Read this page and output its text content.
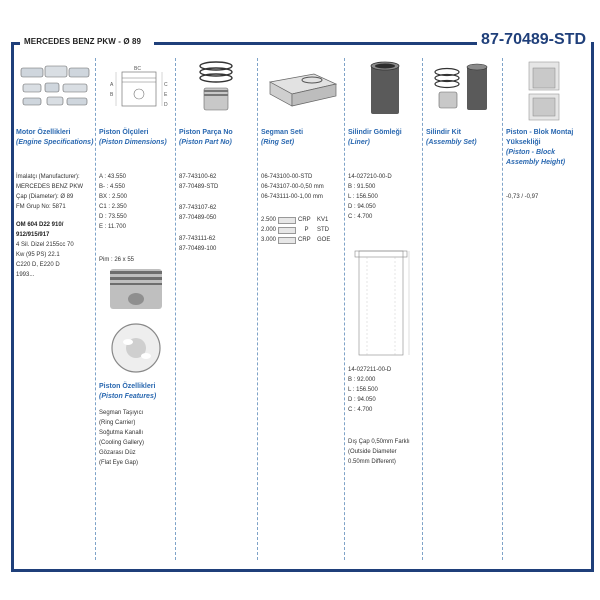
MERCEDES BENZ PKW - Ø 89	87-70489-STD
Motor Özellikleri
(Engine Specifications)
İmalatçı (Manufacturer):
MERCEDES BENZ PKW
Çap (Diameter): Ø 89
FM Grup No: 5871
OM 604 D22 910/
912/915/917
4 Sil. Dizel 2155cc 70
Kw (95 PS) 22.1
C220 D, E220 D
1993...
BC
A
B
C
E
D
Piston Ölçüleri
(Piston Dimensions)
A : 43.550
B- : 4.550
BX : 2.500
C1 : 2.350
D : 73.550
E : 11.700
Pim : 26 x 55
Piston Özellikleri
(Piston Features)
Segman Taşıyıcı
(Ring Carrier)
Soğutma Kanallı
(Cooling Gallery)
Gözarası Düz
(Flat Eye Gap)
Piston Parça No
(Piston Part No)
87-743100-62
87-70489-STD
87-743107-62
87-70489-050
87-743111-62
87-70489-100
Segman Seti
(Ring Set)
06-743100-00-STD
06-743107-00-0,50 mm
06-743111-00-1,00 mm
2.500	CRP	KV1
2.000	P	STD
3.000	CRP	GOE
Silindir Gömleği
(Liner)
14-027210-00-D
B : 91.500
L : 156.500
D : 94.050
C : 4.700
14-027211-00-D
B : 92.000
L : 156.500
D : 94.050
C : 4.700
Dış Çap 0,50mm Farklı
(Outside Diameter
0.50mm Different)
Silindir Kit
(Assembly Set)
Piston - Blok Montaj
Yüksekliği
(Piston - Block
Assembly Height)
-0,73 / -0,97
